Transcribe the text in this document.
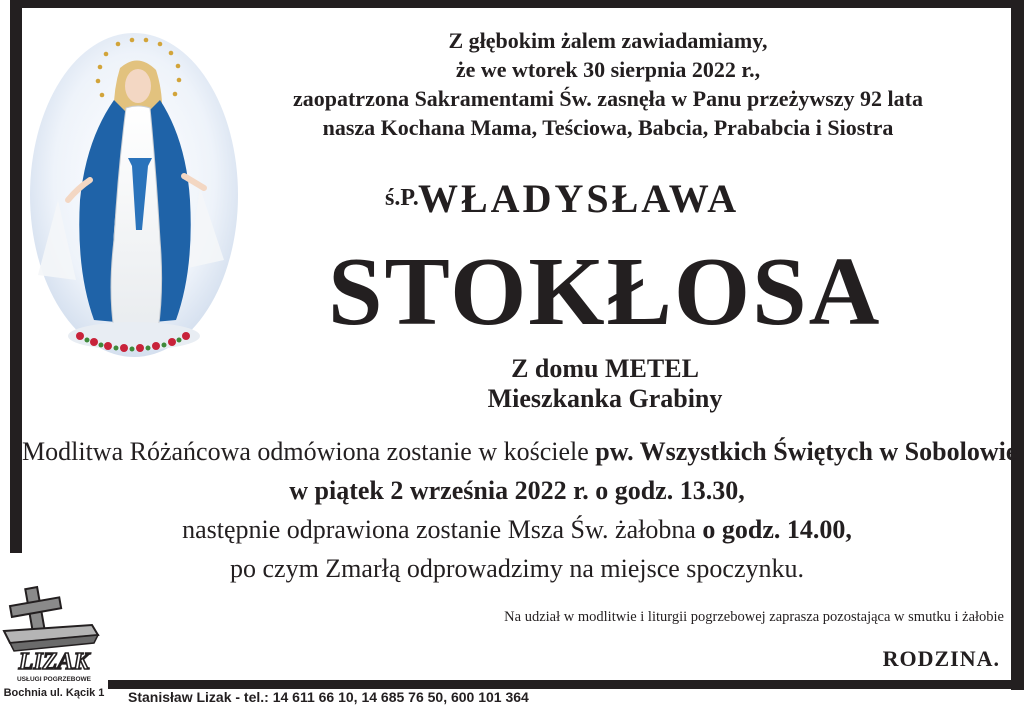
Z głębokim żalem zawiadamiamy,
że we wtorek 30 sierpnia 2022 r.,
zaopatrzona Sakramentami Św. zasnęła w Panu przeżywszy 92 lata
nasza Kochana Mama, Teściowa, Babcia, Prababcia i Siostra
ś.P. WŁADYSŁAWA
STOKŁOSA
Z domu METEL
Mieszkanka Grabiny
Modlitwa Różańcowa odmówiona zostanie w kościele pw. Wszystkich Świętych w Sobolowie
w piątek 2 września 2022 r. o godz. 13.30,
następnie odprawiona zostanie Msza Św. żałobna o godz. 14.00,
po czym Zmarłą odprowadzimy na miejsce spoczynku.
Na udział w modlitwie i liturgii pogrzebowej zaprasza pozostająca w smutku i żałobie
RODZINA.
LIZAK
USŁUGI POGRZEBOWE
Bochnia ul. Kącik 1 Stanisław Lizak - tel.: 14 611 66 10, 14 685 76 50, 600 101 364
